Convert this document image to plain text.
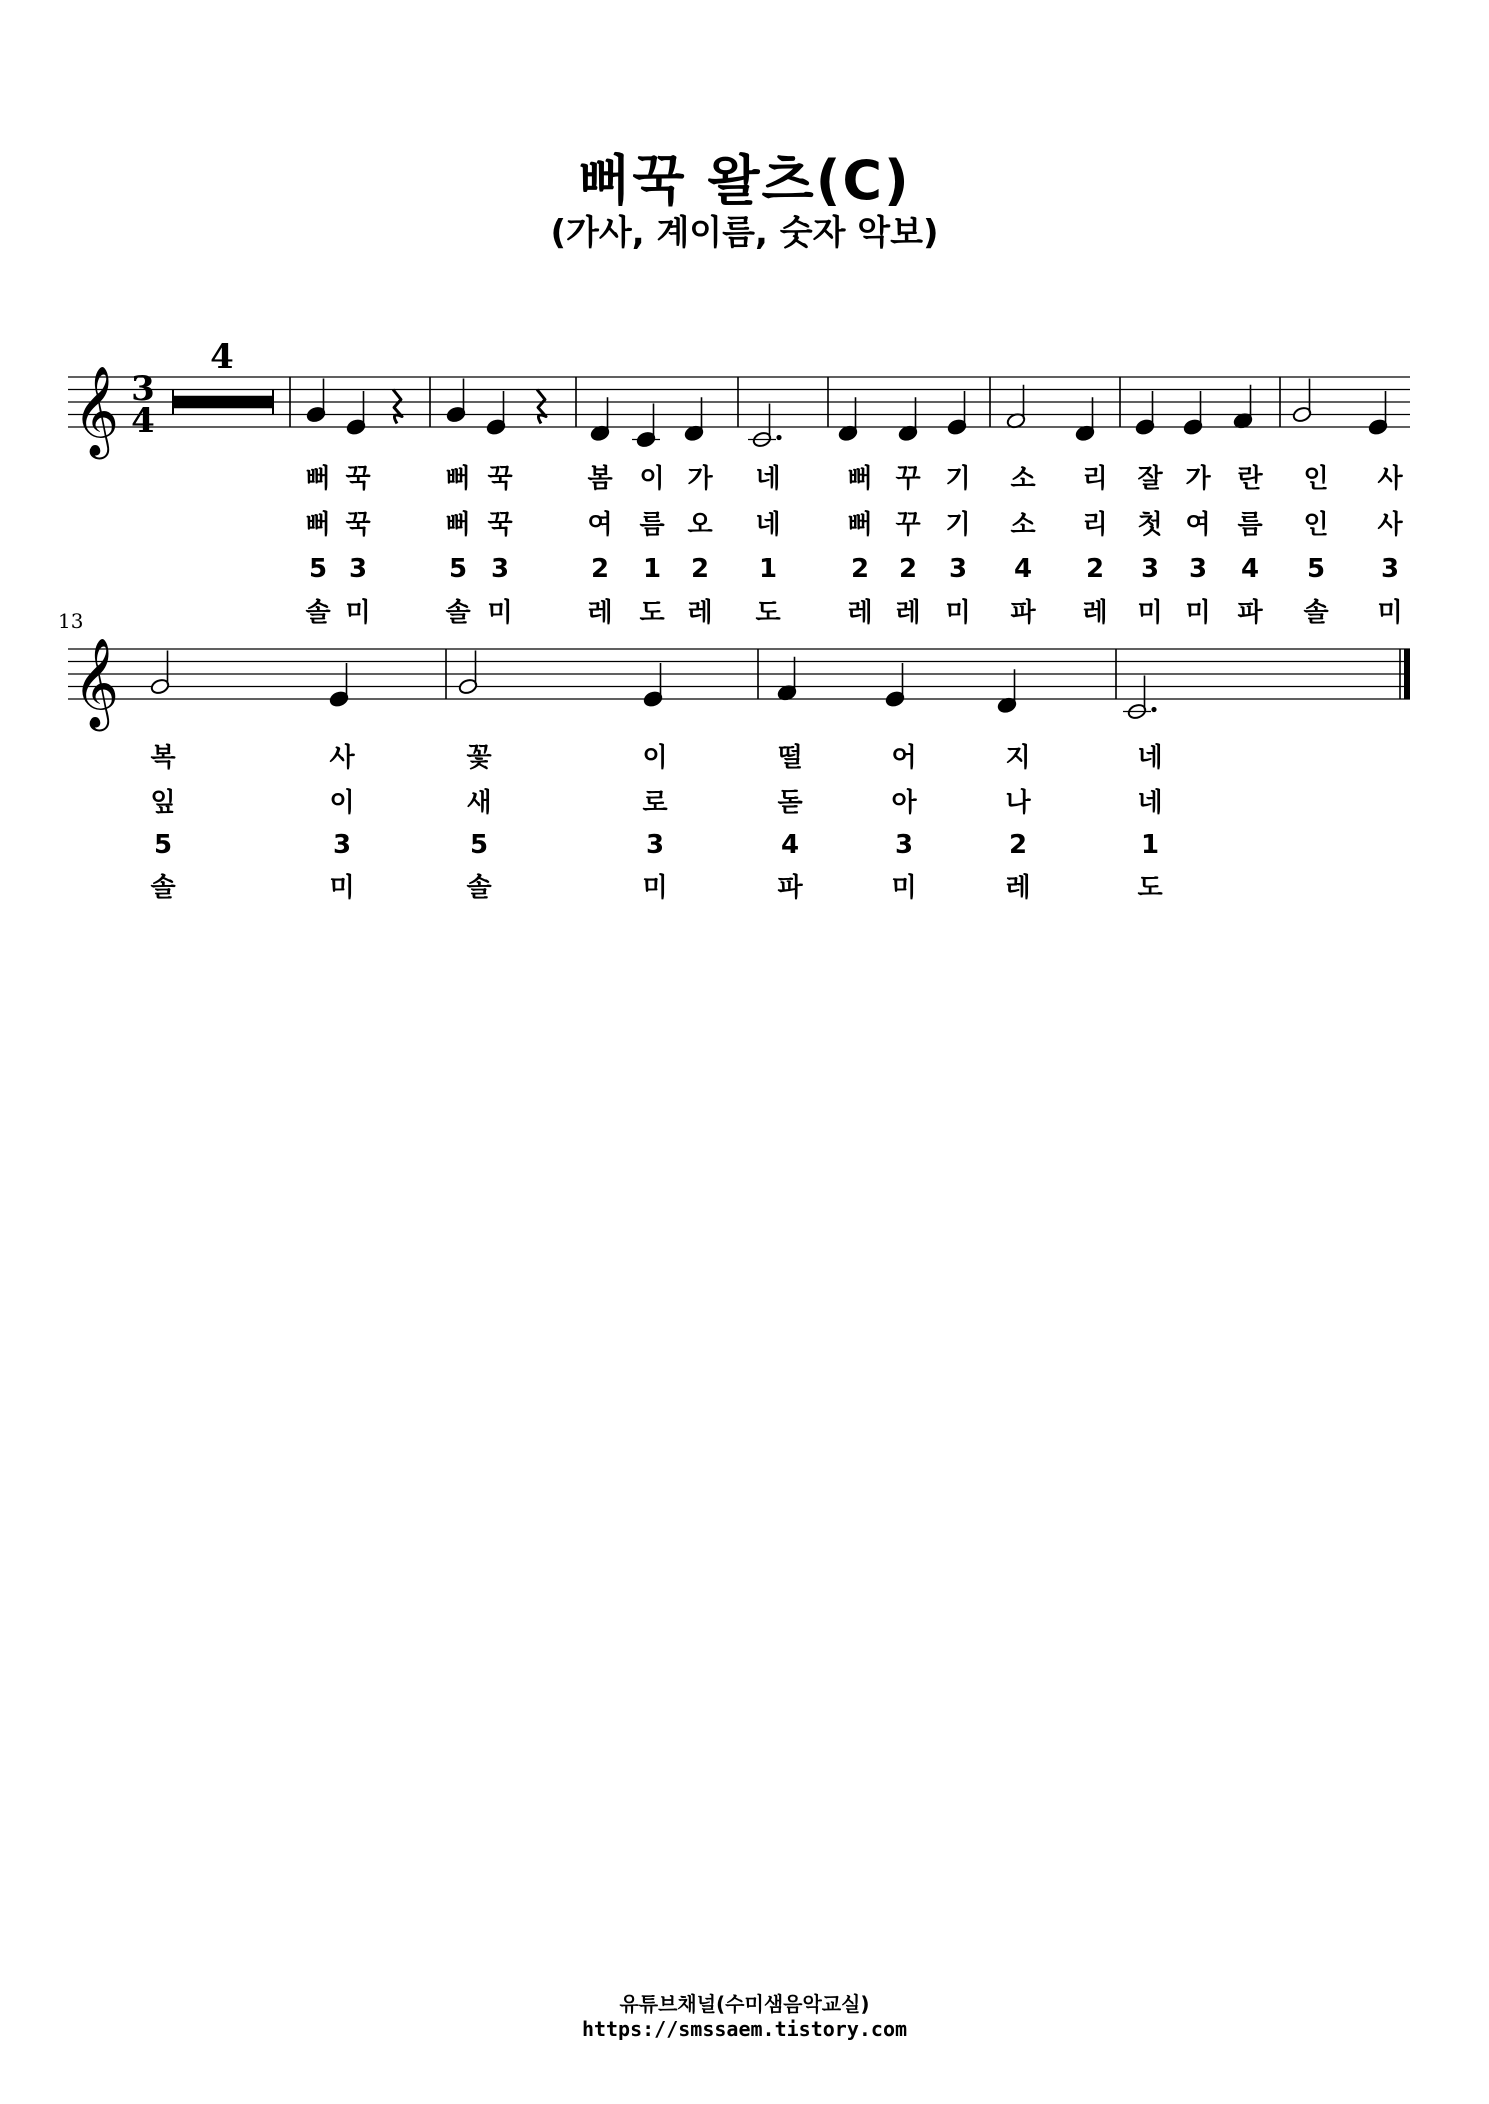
뻐꾹 왈츠(C)
(가사, 계이름, 숫자 악보)
𝄞
𝄞
3
4
4
13
뻐 꾹	뻐 꾹	봄 이 가 네	뻐 꾸 기 소 리 잘 가 란 인 사
뻐 꾹	뻐 꾹	여 름 오 네	뻐 꾸 기 소 리 첫 여 름 인 사
5 3	5 3	2 1 2 1	2 2 3 4 2 3 3 4 5 3
솔 미	솔 미	레 도 레 도	레 레 미 파 레 미 미 파 솔 미
복	사	꽃	이	떨	어	지	네
잎	이	새	로	돋	아	나	네
5	3	5	3	4	3	2	1
솔	미	솔	미	파	미	레	도
유튜브채널(수미샘음악교실)
https://smssaem.tistory.com
